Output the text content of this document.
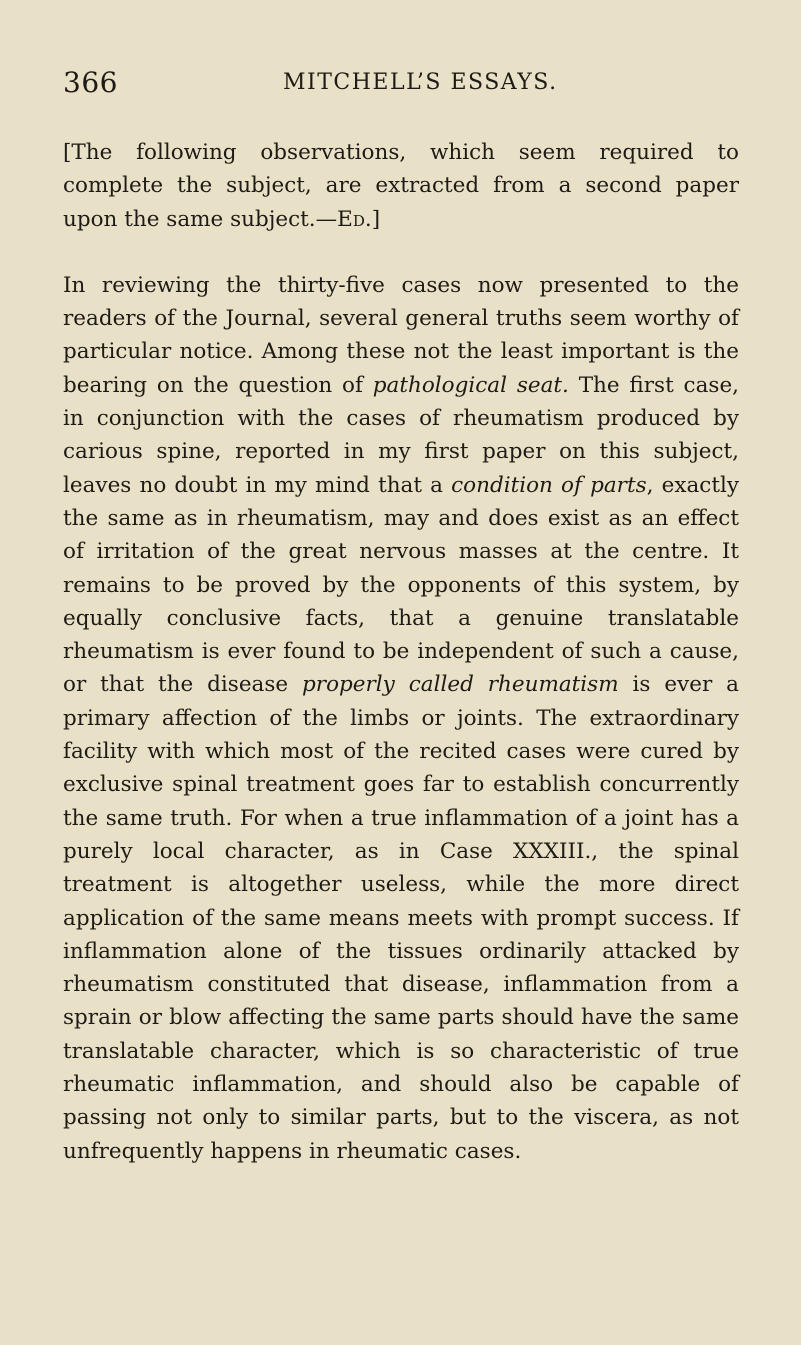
366	MITCHELL’S ESSAYS.

[The following observations, which seem required to complete the subject, are extracted from a second paper upon the same subject.—Ed.]

In reviewing the thirty-five cases now presented to the readers of the Journal, several general truths seem worthy of particular notice. Among these not the least important is the bearing on the question of pathological seat. The first case, in conjunction with the cases of rheumatism produced by carious spine, reported in my first paper on this subject, leaves no doubt in my mind that a condition of parts, exactly the same as in rheumatism, may and does exist as an effect of irritation of the great nervous masses at the centre. It remains to be proved by the opponents of this system, by equally conclusive facts, that a genuine translatable rheumatism is ever found to be independent of such a cause, or that the disease properly called rheumatism is ever a primary affection of the limbs or joints. The extraordinary facility with which most of the recited cases were cured by exclusive spinal treatment goes far to establish concurrently the same truth. For when a true inflammation of a joint has a purely local character, as in Case XXXIII., the spinal treatment is altogether useless, while the more direct application of the same means meets with prompt success. If inflammation alone of the tissues ordinarily attacked by rheumatism constituted that disease, inflammation from a sprain or blow affecting the same parts should have the same translatable character, which is so characteristic of true rheumatic inflammation, and should also be capable of passing not only to similar parts, but to the viscera, as not unfrequently happens in rheumatic cases.
